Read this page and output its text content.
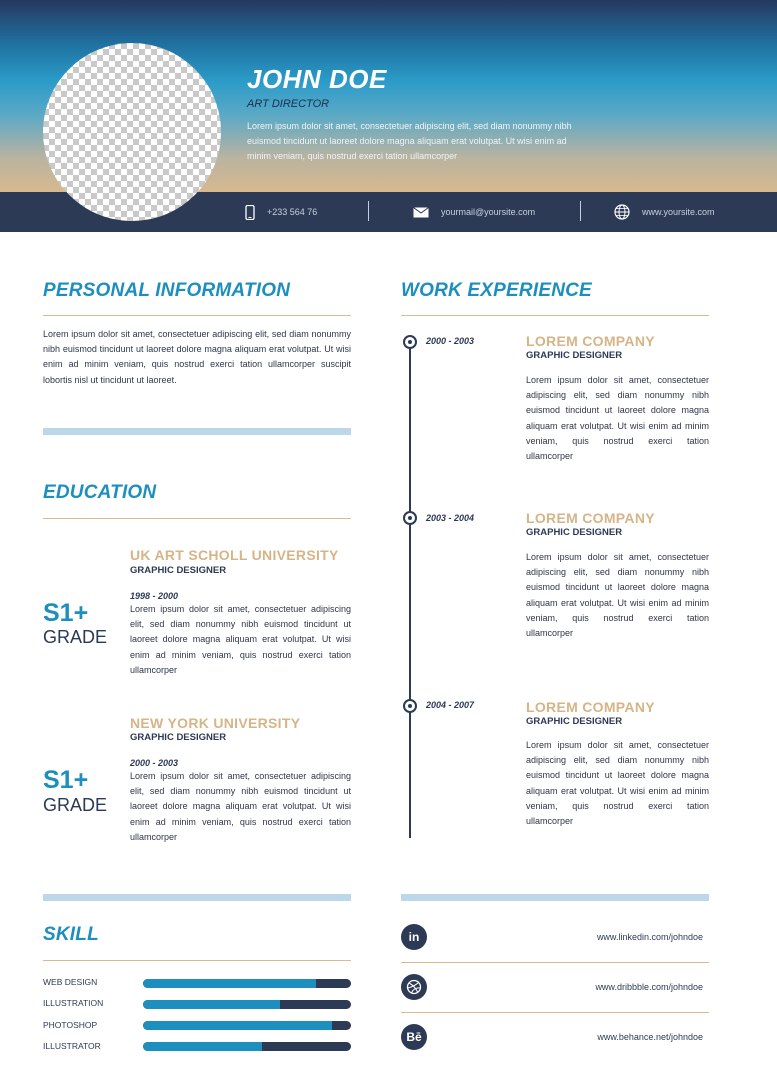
JOHN DOE
ART DIRECTOR
Lorem ipsum dolor sit amet, consectetuer adipiscing elit, sed diam nonummy nibh euismod tincidunt ut laoreet dolore magna aliquam erat volutpat. Ut wisi enim ad minim veniam, quis nostrud exerci tation ullamcorper
+233 564 76	yourmail@yoursite.com	www.yoursite.com
PERSONAL INFORMATION
Lorem ipsum dolor sit amet, consectetuer adipiscing elit, sed diam nonummy nibh euismod tincidunt ut laoreet dolore magna aliquam erat volutpat. Ut wisi enim ad minim veniam, quis nostrud exerci tation ullamcorper suscipit lobortis nisl ut tincidunt ut laoreet.
EDUCATION
UK ART SCHOLL UNIVERSITY
GRAPHIC DESIGNER
1998 - 2000
S1+
GRADE
Lorem ipsum dolor sit amet, consectetuer adipiscing elit, sed diam nonummy nibh euismod tincidunt ut laoreet dolore magna aliquam erat volutpat. Ut wisi enim ad minim veniam, quis nostrud exerci tation ullamcorper
NEW YORK UNIVERSITY
GRAPHIC DESIGNER
2000 - 2003
S1+
GRADE
Lorem ipsum dolor sit amet, consectetuer adipiscing elit, sed diam nonummy nibh euismod tincidunt ut laoreet dolore magna aliquam erat volutpat. Ut wisi enim ad minim veniam, quis nostrud exerci tation ullamcorper
WORK EXPERIENCE
2000 - 2003	LOREM COMPANY
GRAPHIC DESIGNER
Lorem ipsum dolor sit amet, consectetuer adipiscing elit, sed diam nonummy nibh euismod tincidunt ut laoreet dolore magna aliquam erat volutpat. Ut wisi enim ad minim veniam, quis nostrud exerci tation ullamcorper
2003 - 2004	LOREM COMPANY
GRAPHIC DESIGNER
Lorem ipsum dolor sit amet, consectetuer adipiscing elit, sed diam nonummy nibh euismod tincidunt ut laoreet dolore magna aliquam erat volutpat. Ut wisi enim ad minim veniam, quis nostrud exerci tation ullamcorper
2004 - 2007	LOREM COMPANY
GRAPHIC DESIGNER
Lorem ipsum dolor sit amet, consectetuer adipiscing elit, sed diam nonummy nibh euismod tincidunt ut laoreet dolore magna aliquam erat volutpat. Ut wisi enim ad minim veniam, quis nostrud exerci tation ullamcorper
SKILL
WEB DESIGN
ILLUSTRATION
PHOTOSHOP
ILLUSTRATOR
in	www.linkedin.com/johndoe
www.dribbble.com/johndoe
Bē	www.behance.net/johndoe
